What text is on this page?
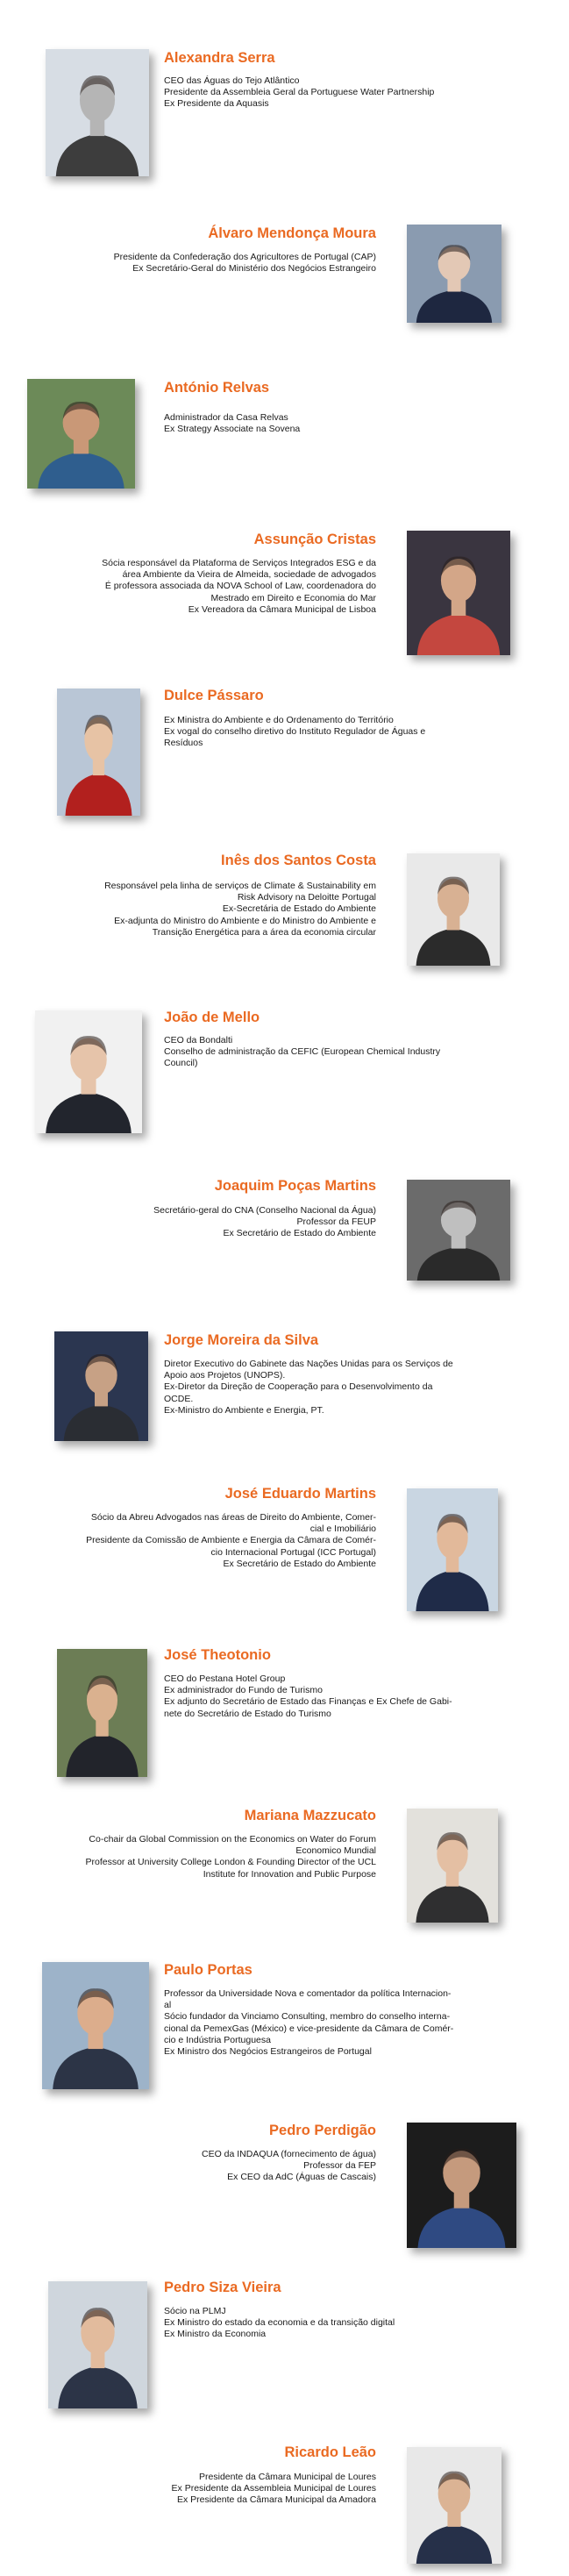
Alexandra Serra

CEO das Águas do Tejo Atlântico

Presidente da Assembleia Geral da Portuguese Water Partnership

Ex Presidente da Aquasis

Álvaro Mendonça Moura

Presidente da Confederação dos Agricultores de Portugal (CAP)

Ex Secretário-Geral do Ministério dos Negócios Estrangeiro

António Relvas

Administrador da Casa Relvas

Ex Strategy Associate na Sovena

Assunção Cristas

Sócia responsável da Plataforma de Serviços Integrados ESG e da

área Ambiente da Vieira de Almeida, sociedade de advogados

É professora associada da NOVA School of Law, coordenadora do

Mestrado em Direito e Economia do Mar

Ex Vereadora da Câmara Municipal de Lisboa

Dulce Pássaro

Ex Ministra do Ambiente e do Ordenamento do Território

Ex vogal do conselho diretivo do Instituto Regulador de Águas e

Resíduos

Inês dos Santos Costa

Responsável pela linha de serviços de Climate & Sustainability em

Risk Advisory na Deloitte Portugal

Ex-Secretária de Estado do Ambiente

Ex-adjunta do Ministro do Ambiente e do Ministro do Ambiente e

Transição Energética para a área da economia circular

João de Mello

CEO da Bondalti

Conselho de administração da CEFIC (European Chemical Industry

Council)

Joaquim Poças Martins

Secretário-geral do CNA (Conselho Nacional da Água)

Professor da FEUP

Ex Secretário de Estado do Ambiente

Jorge Moreira da Silva

Diretor Executivo do Gabinete das Nações Unidas para os Serviços de

Apoio aos Projetos (UNOPS).

Ex-Diretor da Direção de Cooperação para o Desenvolvimento da

OCDE.

Ex-Ministro do Ambiente e Energia, PT.

José Eduardo Martins

Sócio da Abreu Advogados nas áreas de Direito do Ambiente, Comer-

cial e Imobiliário

Presidente da Comissão de Ambiente e Energia da Câmara de Comér-

cio Internacional Portugal (ICC Portugal)

Ex Secretário de Estado do Ambiente

José Theotonio

CEO do Pestana Hotel Group

Ex administrador do Fundo de Turismo

Ex adjunto do Secretário de Estado das Finanças e Ex Chefe de Gabi-

nete do Secretário de Estado do Turismo

Mariana Mazzucato

Co-chair da Global Commission on the Economics on Water do Forum

Economico Mundial

Professor at University College London & Founding Director of the UCL

Institute for Innovation and Public Purpose

Paulo Portas

Professor da Universidade Nova e comentador da política Internacion-

al

Sócio fundador da Vinciamo Consulting, membro do conselho interna-

cional da PemexGas (México) e vice-presidente da Câmara de Comér-

cio e Indústria Portuguesa

Ex Ministro dos Negócios Estrangeiros de Portugal

Pedro Perdigão

CEO da INDAQUA (fornecimento de água)

Professor da FEP

Ex CEO da AdC (Águas de Cascais)

Pedro Siza Vieira

Sócio na PLMJ

Ex Ministro do estado da economia e da transição digital

Ex Ministro da Economia

Ricardo Leão

Presidente da Câmara Municipal de Loures

Ex Presidente da Assembleia Municipal de Loures

Ex Presidente da Câmara Municipal da Amadora
